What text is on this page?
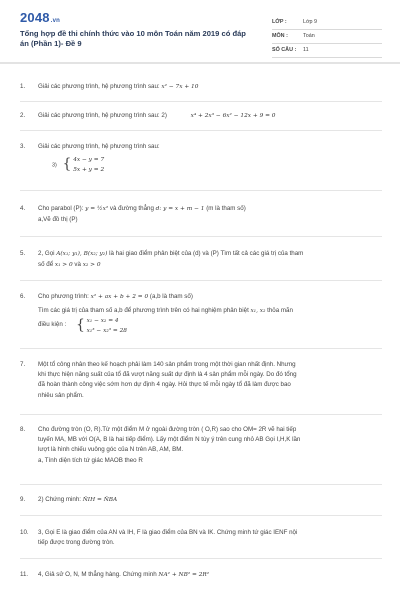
2048.vn
Tổng hợp đề thi chính thức vào 10 môn Toán năm 2019 có đáp án (Phần 1)- Đề 9
LỚP :	Lớp 9
MÔN :	Toán
SỐ CÂU : 11
1. Giải các phương trình, hệ phương trình sau: x² − 7x + 10
2. Giải các phương trình, hệ phương trình sau: 2)	x⁴ + 2x³ − 6x² − 12x + 9 = 0
3. Giải các phương trình, hệ phương trình sau:
3) { 4x − y = 7
5x + y = 2
4. Cho parabol (P): y = ½x² và đường thẳng d: y = x + m − 1 (m là tham số)
a,Vẽ đồ thị (P)
5. 2, Gọi A(x₁; y₁), B(x₂; y₂) là hai giao điểm phân biệt của (d) và (P) Tìm tất cả các giá trị của tham
số để x₁ > 0 và x₂ > 0
6. Cho phương trình: x² + ax + b + 2 = 0 (a,b là tham số)
Tìm các giá trị của tham số a,b để phương trình trên có hai nghiệm phân biệt x₁, x₂ thỏa mãn
điều kiện : { x₁ − x₂ = 4
x₁³ − x₂³ = 28
7. Một tổ công nhân theo kế hoạch phải làm 140 sản phẩm trong một thời gian nhất định. Nhưng
khi thực hiện năng suất của tổ đã vượt năng suất dự định là 4 sản phẩm mỗi ngày. Do đó tổng
đã hoàn thành công việc sớm hơn dự định 4 ngày. Hỏi thực tế mỗi ngày tổ đã làm được bao
nhiêu sản phẩm.
8. Cho đường tròn (O, R).Từ một điểm M ở ngoài đường tròn ( O,R) sao cho OM= 2R vẽ hai tiếp
tuyến MA, MB với O(A, B là hai tiếp điểm). Lấy một điểm N tùy ý trên cung nhỏ AB Gọi I,H,K lần
lượt là hình chiếu vuông góc của N trên AB, AM, BM.
a, Tính diện tích tứ giác MAOB theo R
9. 2) Chứng minh: N̂IH = N̂BA
10. 3, Gọi E là giao điểm của AN và IH, F là giao điểm của BN và IK. Chứng minh tứ giác IENF nội
tiếp được trong đường tròn.
11. 4, Giả sử O, N, M thẳng hàng. Chứng minh NA² + NB² = 2R²
